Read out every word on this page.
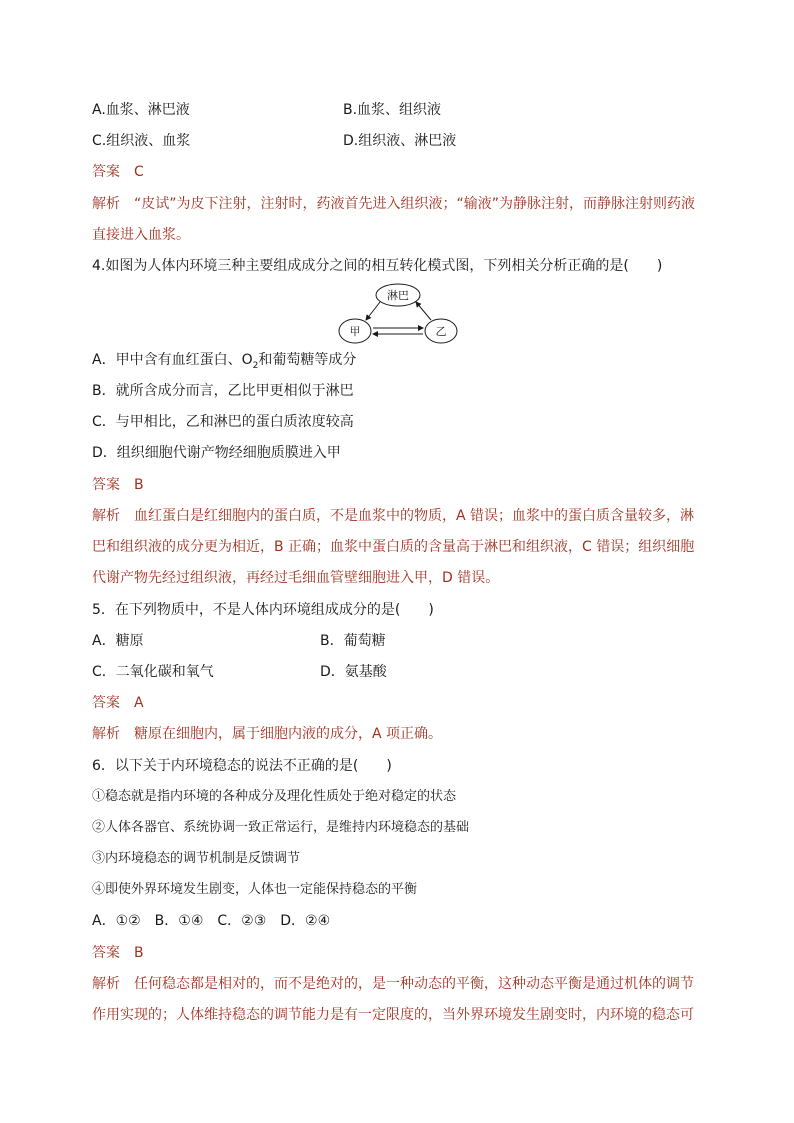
A.血浆、淋巴液	B.血浆、组织液
C.组织液、血浆	D.组织液、淋巴液
答案 C
解析 “皮试”为皮下注射，注射时，药液首先进入组织液；“输液”为静脉注射，而静脉注射则药液
直接进入血浆。
4.如图为人体内环境三种主要组成成分之间的相互转化模式图，下列相关分析正确的是(　　)
淋巴
甲	乙
A．甲中含有血红蛋白、$O_2$和葡萄糖等成分
B．就所含成分而言，乙比甲更相似于淋巴
C．与甲相比，乙和淋巴的蛋白质浓度较高
D．组织细胞代谢产物经细胞质膜进入甲
答案 B
解析 血红蛋白是红细胞内的蛋白质，不是血浆中的物质，A 错误；血浆中的蛋白质含量较多，淋
巴和组织液的成分更为相近，B 正确；血浆中蛋白质的含量高于淋巴和组织液，C 错误；组织细胞
代谢产物先经过组织液，再经过毛细血管壁细胞进入甲，D 错误。
5．在下列物质中，不是人体内环境组成成分的是(　　)
A．糖原	B．葡萄糖
C．二氧化碳和氧气	D．氨基酸
答案 A
解析 糖原在细胞内，属于细胞内液的成分，A 项正确。
6．以下关于内环境稳态的说法不正确的是(　　)
①稳态就是指内环境的各种成分及理化性质处于绝对稳定的状态
②人体各器官、系统协调一致正常运行，是维持内环境稳态的基础
③内环境稳态的调节机制是反馈调节
④即使外界环境发生剧变，人体也一定能保持稳态的平衡
A．①②　B．①④　C．②③　D．②④
答案 B
解析 任何稳态都是相对的，而不是绝对的，是一种动态的平衡，这种动态平衡是通过机体的调节
作用实现的；人体维持稳态的调节能力是有一定限度的，当外界环境发生剧变时，内环境的稳态可
